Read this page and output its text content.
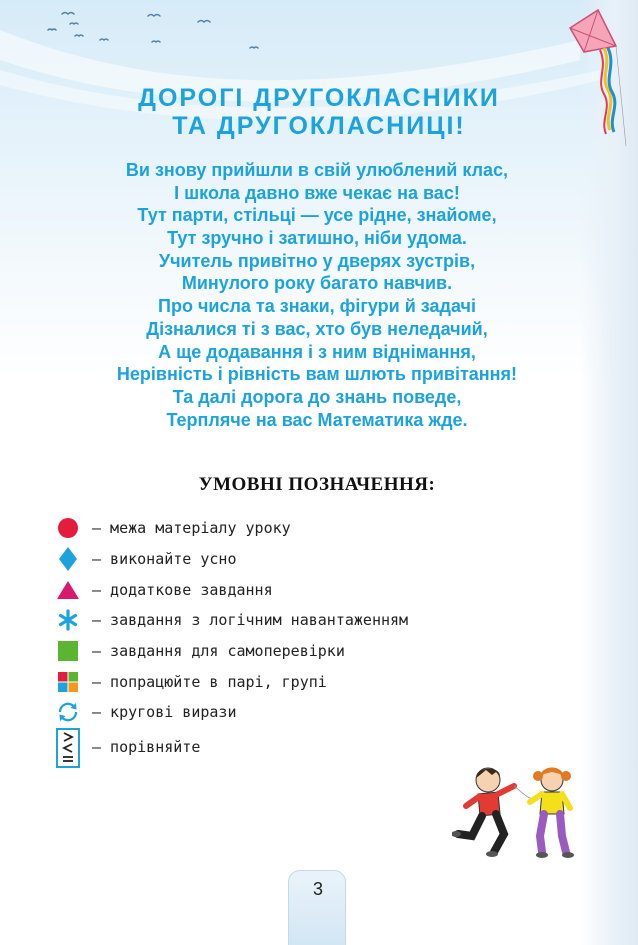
ДОРОГІ ДРУГОКЛАСНИКИ
ТА ДРУГОКЛАСНИЦІ!
Ви знову прийшли в свій улюблений клас,
І школа давно вже чекає на вас!
Тут парти, стільці — усе рідне, знайоме,
Тут зручно і затишно, ніби удома.
Учитель привітно у дверях зустрів,
Минулого року багато навчив.
Про числа та знаки, фігури й задачі
Дізналися ті з вас, хто був неледачий,
А ще додавання і з ним віднімання,
Нерівність і рівність вам шлють привітання!
Та далі дорога до знань поведе,
Терпляче на вас Математика жде.
УМОВНІ ПОЗНАЧЕННЯ:
— межа матеріалу уроку
— виконайте усно
— додаткове завдання
— завдання з логічним навантаженням
— завдання для самоперевірки
— попрацюйте в парі, групі
— кругові вирази
— порівняйте
3
